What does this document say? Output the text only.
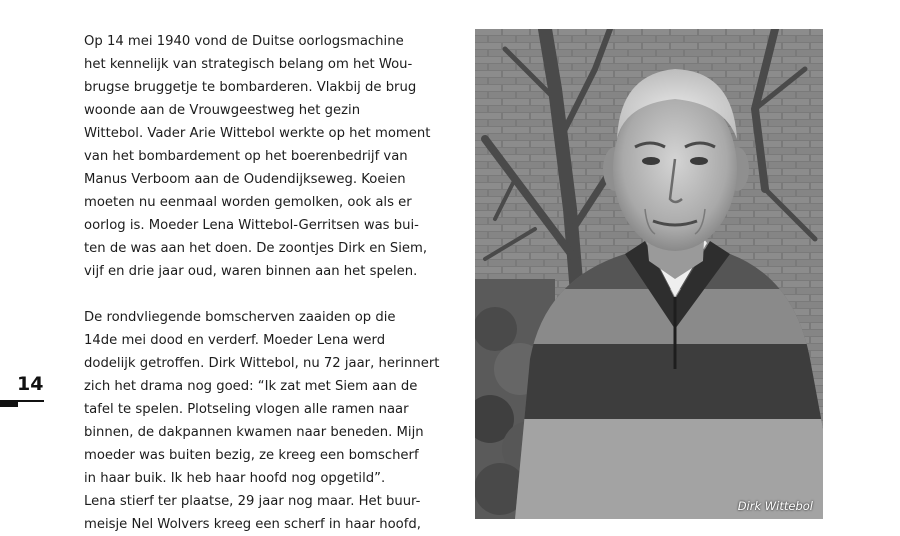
14

Op 14 mei 1940 vond de Duitse oorlogsmachine
het kennelijk van strategisch belang om het Wou-
brugse bruggetje te bombarderen. Vlakbij de brug
woonde aan de Vrouwgeestweg het gezin
Wittebol. Vader Arie Wittebol werkte op het moment
van het bombardement op het boerenbedrijf van
Manus Verboom aan de Oudendijkseweg. Koeien
moeten nu eenmaal worden gemolken, ook als er
oorlog is. Moeder Lena Wittebol-Gerritsen was bui-
ten de was aan het doen. De zoontjes Dirk en Siem,
vijf en drie jaar oud, waren binnen aan het spelen.

De rondvliegende bomscherven zaaiden op die
14de mei dood en verderf. Moeder Lena werd
dodelijk getroffen. Dirk Wittebol, nu 72 jaar, herinnert
zich het drama nog goed: “Ik zat met Siem aan de
tafel te spelen. Plotseling vlogen alle ramen naar
binnen, de dakpannen kwamen naar beneden. Mijn
moeder was buiten bezig, ze kreeg een bomscherf
in haar buik. Ik heb haar hoofd nog opgetild”.
Lena stierf ter plaatse, 29 jaar nog maar. Het buur-
meisje Nel Wolvers kreeg een scherf in haar hoofd,

Dirk Wittebol
